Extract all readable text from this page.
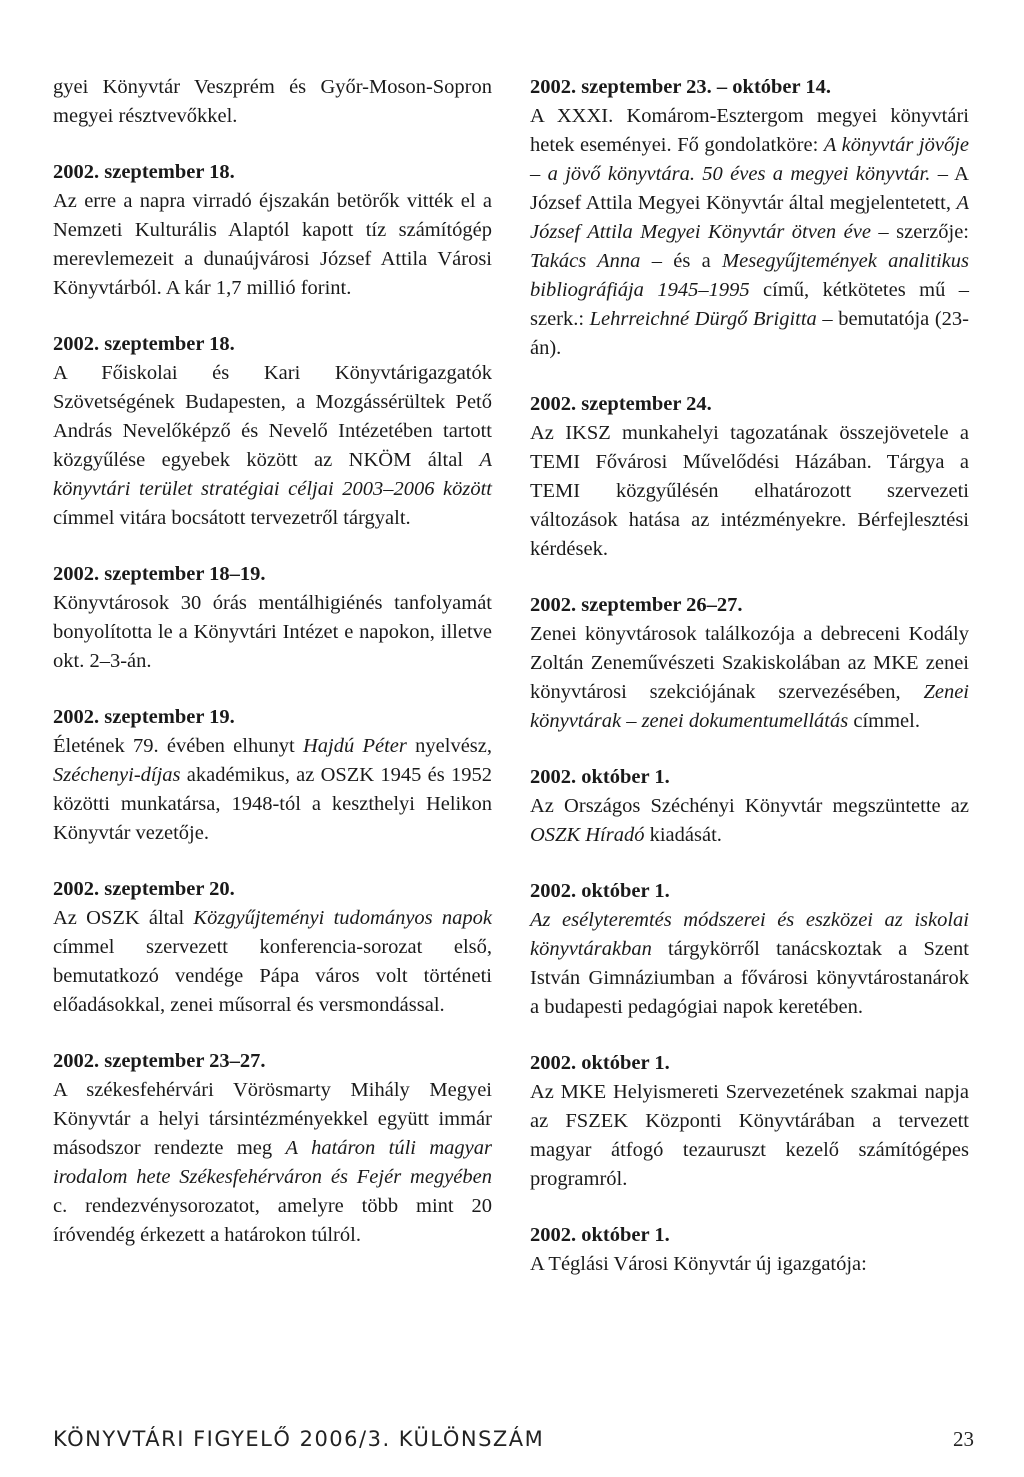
gyei Könyvtár Veszprém és Győr-Moson-Sopron megyei résztvevőkkel.

2002. szeptember 18.

Az erre a napra virradó éjszakán betörők vitték el a Nemzeti Kulturális Alaptól kapott tíz számítógép merevlemezeit a dunaújvárosi József Attila Városi Könyvtárból. A kár 1,7 millió forint.

2002. szeptember 18.

A Főiskolai és Kari Könyvtárigazgatók Szövetségének Budapesten, a Mozgássérültek Pető András Nevelőképző és Nevelő Intézetében tartott közgyűlése egyebek között az NKÖM által A könyvtári terület stratégiai céljai 2003–2006 között címmel vitára bocsátott tervezetről tárgyalt.

2002. szeptember 18–19.

Könyvtárosok 30 órás mentálhigiénés tanfolyamát bonyolította le a Könyvtári Intézet e napokon, illetve okt. 2–3-án.

2002. szeptember 19.

Életének 79. évében elhunyt Hajdú Péter nyelvész, Széchenyi-díjas akadémikus, az OSZK 1945 és 1952 közötti munkatársa, 1948-tól a keszthelyi Helikon Könyvtár vezetője.

2002. szeptember 20.

Az OSZK által Közgyűjteményi tudományos napok címmel szervezett konferencia-sorozat első, bemutatkozó vendége Pápa város volt történeti előadásokkal, zenei műsorral és versmondással.

2002. szeptember 23–27.

A székesfehérvári Vörösmarty Mihály Megyei Könyvtár a helyi társintézményekkel együtt immár másodszor rendezte meg A határon túli magyar irodalom hete Székesfehérváron és Fejér megyében c. rendezvénysorozatot, amelyre több mint 20 íróvendég érkezett a határokon túlról.

2002. szeptember 23. – október 14.

A XXXI. Komárom-Esztergom megyei könyvtári hetek eseményei. Fő gondolatköre: A könyvtár jövője – a jövő könyvtára. 50 éves a megyei könyvtár. – A József Attila Megyei Könyvtár által megjelentetett, A József Attila Megyei Könyvtár ötven éve – szerzője: Takács Anna – és a Mesegyűjtemények analitikus bibliográfiája 1945–1995 című, kétkötetes mű – szerk.: Lehrreichné Dürgő Brigitta – bemutatója (23-án).

2002. szeptember 24.

Az IKSZ munkahelyi tagozatának összejövetele a TEMI Fővárosi Művelődési Házában. Tárgya a TEMI közgyűlésén elhatározott szervezeti változások hatása az intézményekre. Bérfejlesztési kérdések.

2002. szeptember 26–27.

Zenei könyvtárosok találkozója a debreceni Kodály Zoltán Zeneművészeti Szakiskolában az MKE zenei könyvtárosi szekciójának szervezésében, Zenei könyvtárak – zenei dokumentumellátás címmel.

2002. október 1.

Az Országos Széchényi Könyvtár megszüntette az OSZK Híradó kiadását.

2002. október 1.

Az esélyteremtés módszerei és eszközei az iskolai könyvtárakban tárgykörről tanácskoztak a Szent István Gimnáziumban a fővárosi könyvtárostanárok a budapesti pedagógiai napok keretében.

2002. október 1.

Az MKE Helyismereti Szervezetének szakmai napja az FSZEK Központi Könyvtárában a tervezett magyar átfogó tezauruszt kezelő számítógépes programról.

2002. október 1.

A Téglási Városi Könyvtár új igazgatója:

KÖNYVTÁRI FIGYELŐ 2006/3. KÜLÖNSZÁM	23
